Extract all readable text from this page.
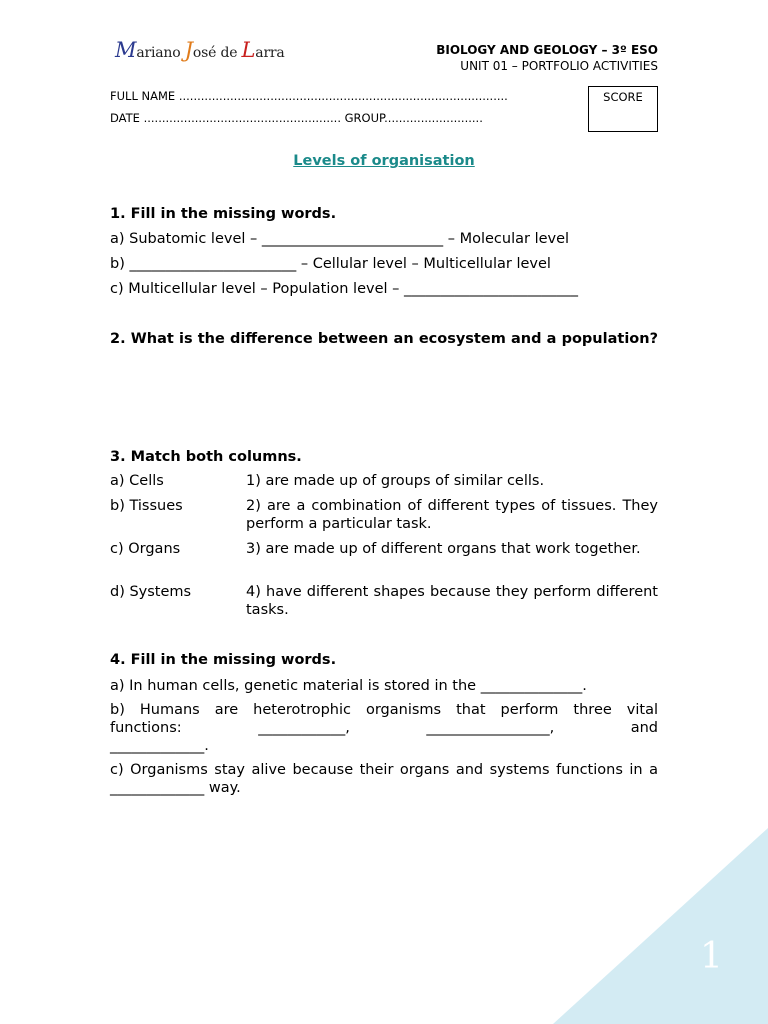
Mariano José de Larra	BIOLOGY AND GEOLOGY – 3º ESO
UNIT 01 – PORTFOLIO ACTIVITIES
FULL NAME ..........................................................................................
DATE ...................................................... GROUP...........................
SCORE
Levels of organisation
1. Fill in the missing words.
a) Subatomic level – _________________________ – Molecular level
b) _______________________ – Cellular level – Multicellular level
c) Multicellular level – Population level – ________________________
2. What is the difference between an ecosystem and a population?
3. Match both columns.
a) Cells	1) are made up of groups of similar cells.
b) Tissues	2) are a combination of different types of tissues. They perform a particular task.
c) Organs	3) are made up of different organs that work together.
d) Systems	4) have different shapes because they perform different tasks.
4. Fill in the missing words.
a) In human cells, genetic material is stored in the ______________.
b) Humans are heterotrophic organisms that perform three vital
functions:	____________,	_________________,	and
_____________.
c) Organisms stay alive because their organs and systems functions in a _____________ way.
1
